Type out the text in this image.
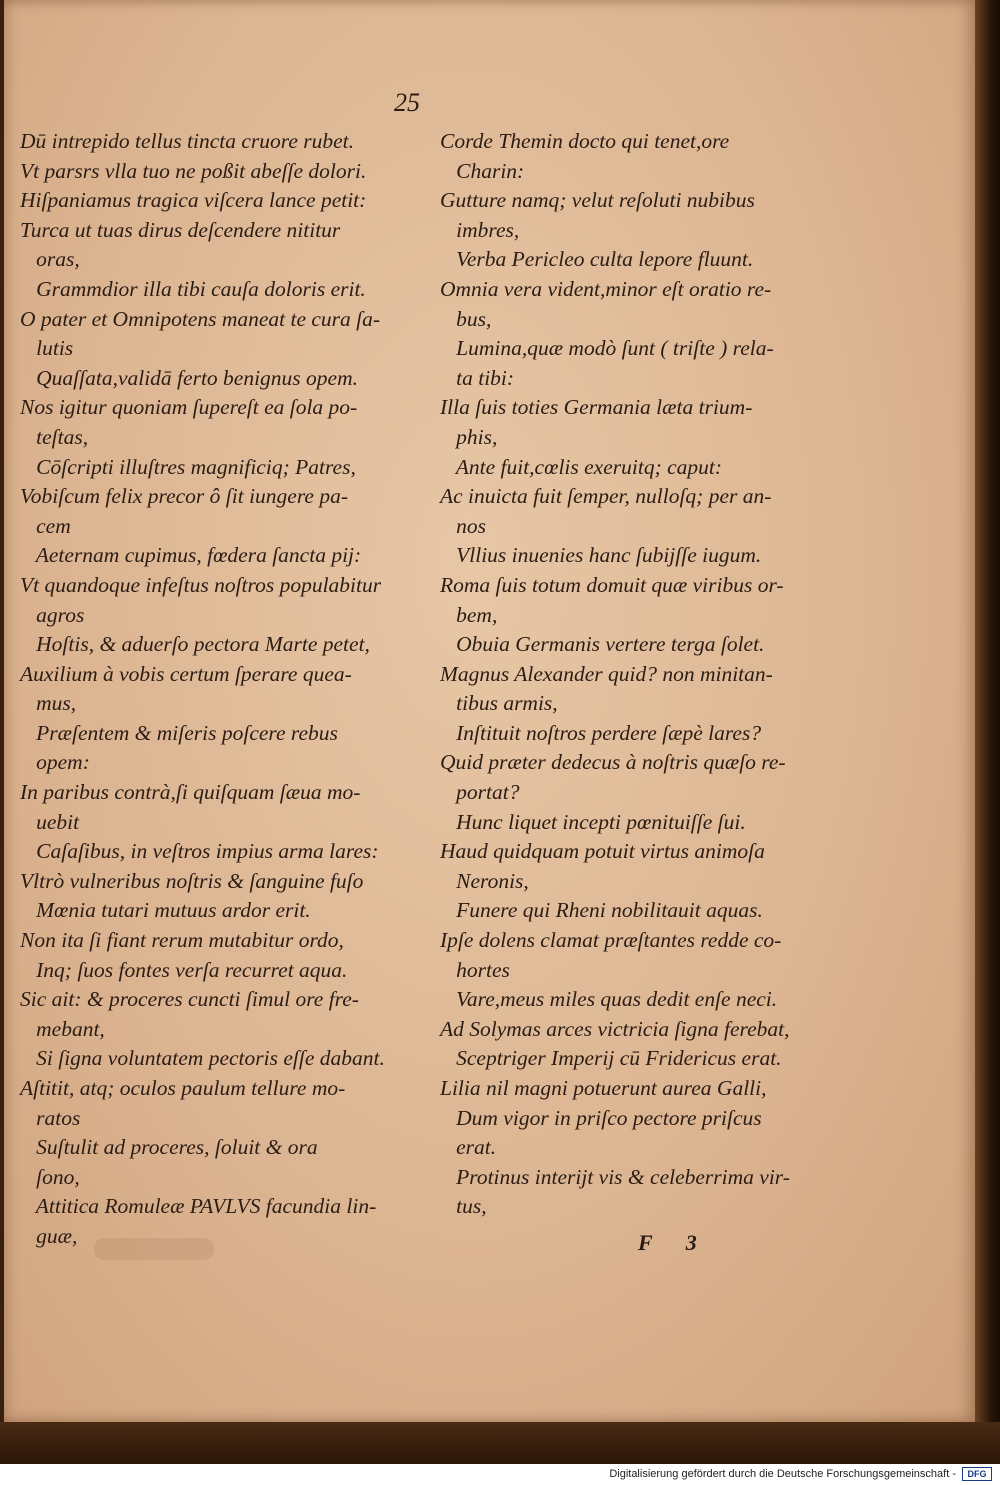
25
Dū intrepido tellus tincta cruore rubet.
Vt parsrs vlla tuo ne poßit abeſſe dolori.
Hiſpaniamus tragica viſcera lance petit:
Turca ut tuas dirus deſcendere nititur
oras,
Grammdior illa tibi cauſa doloris erit.
O pater et Omnipotens maneat te cura ſa-
lutis
Quaſſata,validā ferto benignus opem.
Nos igitur quoniam ſupereſt ea ſola po-
teſtas,
Cōſcripti illuſtres magnificiq; Patres,
Vobiſcum felix precor ô ſit iungere pa-
cem
Aeternam cupimus, fœdera ſancta pij:
Vt quandoque infeſtus noſtros populabitur
agros
Hoſtis, & aduerſo pectora Marte petet,
Auxilium à vobis certum ſperare quea-
mus,
Præſentem & miſeris poſcere rebus
opem:
In paribus contrà,ſi quiſquam ſæua mo-
uebit
Caſaſibus, in veſtros impius arma lares:
Vltrò vulneribus noſtris & ſanguine fuſo
Mœnia tutari mutuus ardor erit.
Non ita ſi fiant rerum mutabitur ordo,
Inq; ſuos fontes verſa recurret aqua.
Sic ait: & proceres cuncti ſimul ore fre-
mebant,
Si ſigna voluntatem pectoris eſſe dabant.
Aſtitit, atq; oculos paulum tellure mo-
ratos
Suſtulit ad proceres, ſoluit & ora
ſono,
Attitica Romuleæ PAVLVS facundia lin-
guæ,
Corde Themin docto qui tenet,ore
Charin:
Gutture namq; velut reſoluti nubibus
imbres,
Verba Pericleo culta lepore fluunt.
Omnia vera vident,minor eſt oratio re-
bus,
Lumina,quæ modò ſunt ( triſte ) rela-
ta tibi:
Illa ſuis toties Germania læta trium-
phis,
Ante fuit,cœlis exeruitq; caput:
Ac inuicta fuit ſemper, nulloſq; per an-
nos
Vllius inuenies hanc ſubijſſe iugum.
Roma ſuis totum domuit quæ viribus or-
bem,
Obuia Germanis vertere terga ſolet.
Magnus Alexander quid? non minitan-
tibus armis,
Inſtituit noſtros perdere ſæpè lares?
Quid præter dedecus à noſtris quæſo re-
portat?
Hunc liquet incepti pœnituiſſe ſui.
Haud quidquam potuit virtus animoſa
Neronis,
Funere qui Rheni nobilitauit aquas.
Ipſe dolens clamat præſtantes redde co-
hortes
Vare,meus miles quas dedit enſe neci.
Ad Solymas arces victricia ſigna ferebat,
Sceptriger Imperij cū Fridericus erat.
Lilia nil magni potuerunt aurea Galli,
Dum vigor in priſco pectore priſcus
erat.
Protinus interijt vis & celeberrima vir-
tus,
F 3
Digitalisierung gefördert durch die Deutsche Forschungsgemeinschaft -	DFG
